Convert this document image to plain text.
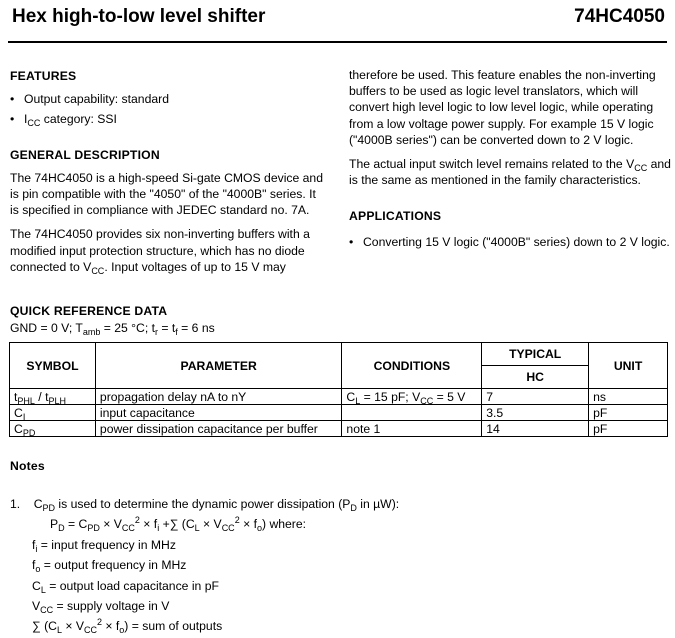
Hex high-to-low level shifter	74HC4050
FEATURES
• Output capability: standard
• $I_{CC}$ category: SSI
GENERAL DESCRIPTION

The 74HC4050 is a high-speed Si-gate CMOS device and is pin compatible with the "4050" of the "4000B" series. It is specified in compliance with JEDEC standard no. 7A.

The 74HC4050 provides six non-inverting buffers with a modified input protection structure, which has no diode connected to $V_{CC}$. Input voltages of up to 15 V may

therefore be used. This feature enables the non-inverting buffers to be used as logic level translators, which will convert high level logic to low level logic, while operating from a low voltage power supply. For example 15 V logic ("4000B series") can be converted down to 2 V logic.

The actual input switch level remains related to the $V_{CC}$ and is the same as mentioned in the family characteristics.

APPLICATIONS
• Converting 15 V logic ("4000B" series) down to 2 V logic.
QUICK REFERENCE DATA
GND = 0 V; $T_{amb} = 25$ °C; $t_r = t_f = 6$ ns
SYMBOL	PARAMETER	CONDITIONS	TYPICAL	UNIT
			HC	
$t_{PHL} / t_{PLH}$	propagation delay nA to nY	$C_L = 15$ pF; $V_{CC} = 5$ V	7	ns
$C_I$	input capacitance		3.5	pF
$C_{PD}$	power dissipation capacitance per buffer	note 1	14	pF
Notes
1. $C_{PD}$ is used to determine the dynamic power dissipation ($P_D$ in µW):
$P_D = C_{PD} \times V_{CC}^2 \times f_i$ +∑ $(C_L \times V_{CC}^2 \times f_o)$ where:
$f_i$ = input frequency in MHz
$f_o$ = output frequency in MHz
$C_L$ = output load capacitance in pF
$V_{CC}$ = supply voltage in V
∑ $(C_L \times V_{CC}^2 \times f_o)$ = sum of outputs
